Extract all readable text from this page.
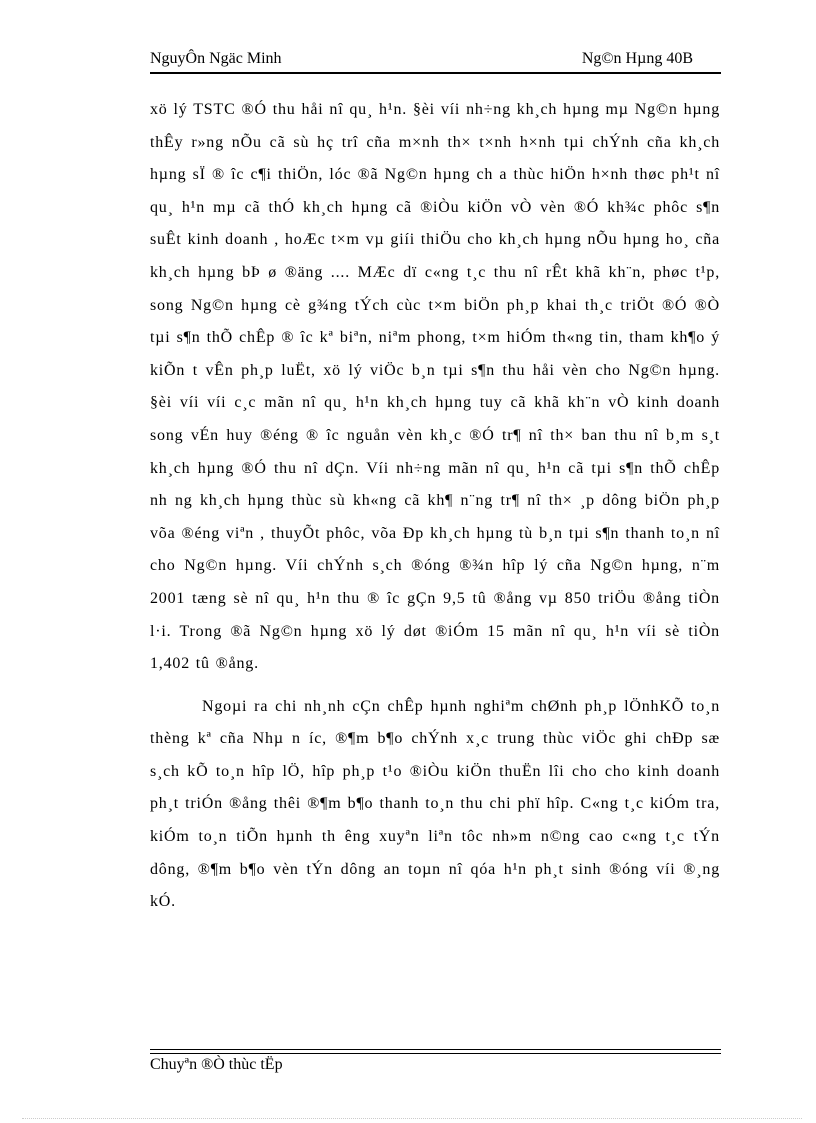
NguyÔn Ngäc Minh	Ng©n Hµng 40B

xö lý TSTC ®Ó thu håi nî qu¸ h¹n. §èi víi nh÷ng kh¸ch hµng mµ Ng©n hµng thÊy r»ng nÕu cã sù hç trî cña m×nh th× t×nh h×nh tµi chÝnh cña kh¸ch hµng sÏ ® îc c¶i thiÖn, lóc ®ã Ng©n hµng ch a thùc hiÖn h×nh thøc ph¹t nî qu¸ h¹n mµ cã thÓ kh¸ch hµng cã ®iÒu kiÖn vÒ vèn ®Ó kh¾c phôc s¶n suÊt kinh doanh , hoÆc t×m vµ giíi thiÖu cho kh¸ch hµng nÕu hµng ho¸ cña kh¸ch hµng bÞ ø ®äng .... MÆc dï c«ng t¸c thu nî rÊt khã kh¨n, phøc t¹p, song Ng©n hµng cè g¾ng tÝch cùc t×m biÖn ph¸p khai th¸c triÖt ®Ó ®Ò tµi s¶n thÕ chÊp ® îc kª biªn, niªm phong, t×m hiÓm th«ng tin, tham kh¶o ý kiÕn t vÊn ph¸p luËt, xö lý viÖc b¸n tµi s¶n thu håi vèn cho Ng©n hµng. §èi víi víi c¸c mãn nî qu¸ h¹n kh¸ch hµng tuy cã khã kh¨n vÒ kinh doanh song vÉn huy ®éng ® îc nguån vèn kh¸c ®Ó tr¶ nî th× ban thu nî b¸m s¸t kh¸ch hµng ®Ó thu nî dÇn. Víi nh÷ng mãn nî qu¸ h¹n cã tµi s¶n thÕ chÊp nh ng kh¸ch hµng thùc sù kh«ng cã kh¶ n¨ng tr¶ nî th× ¸p dông biÖn ph¸p võa ®éng viªn , thuyÕt phôc, võa Ðp kh¸ch hµng tù b¸n tµi s¶n thanh to¸n nî cho Ng©n hµng. Víi chÝnh s¸ch ®óng ®¾n hîp lý cña Ng©n hµng, n¨m 2001 tæng sè nî qu¸ h¹n thu ® îc gÇn 9,5 tû ®ång vµ 850 triÖu ®ång tiÒn l·i. Trong ®ã Ng©n hµng xö lý døt ®iÓm 15 mãn nî qu¸ h¹n víi sè tiÒn 1,402 tû ®ång.

Ngoµi ra chi nh¸nh cÇn chÊp hµnh nghiªm chØnh ph¸p lÖnhKÕ to¸n thèng kª cña Nhµ n íc, ®¶m b¶o chÝnh x¸c trung thùc viÖc ghi chÐp sæ s¸ch kÕ to¸n hîp lÖ, hîp ph¸p t¹o ®iÒu kiÖn thuËn lîi cho cho kinh doanh ph¸t triÓn ®ång thêi ®¶m b¶o thanh to¸n thu chi phï hîp. C«ng t¸c kiÓm tra, kiÓm to¸n tiÕn hµnh th êng xuyªn liªn tôc nh»m n©ng cao c«ng t¸c tÝn dông, ®¶m b¶o vèn tÝn dông an toµn nî qóa h¹n ph¸t sinh ®óng víi ®¸ng kÓ.

Chuyªn ®Ò thùc tËp
